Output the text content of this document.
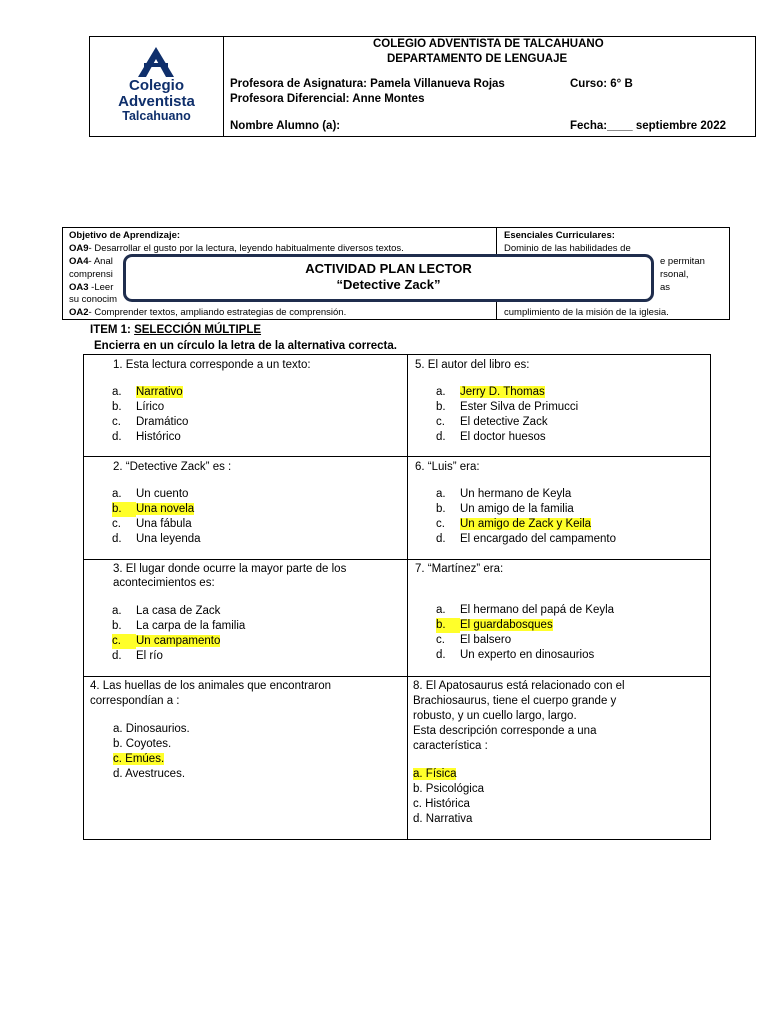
Colegio
Adventista
Talcahuano
COLEGIO ADVENTISTA DE TALCAHUANO
DEPARTAMENTO DE LENGUAJE
Profesora de Asignatura: Pamela Villanueva Rojas	Curso: 6° B
Profesora Diferencial: Anne Montes
Nombre Alumno (a):	Fecha:____ septiembre 2022
Objetivo de Aprendizaje:
OA9- Desarrollar el gusto por la lectura, leyendo habitualmente diversos textos.
OA4- Anal
comprensi
OA3 -Leer
su conocim
OA2- Comprender textos, ampliando estrategias de comprensión.
Esenciales Curriculares:
Dominio de las habilidades de
e permitan
rsonal,
as
cumplimiento de la misión de la iglesia.
ACTIVIDAD PLAN LECTOR
“Detective Zack”
ITEM 1: SELECCIÓN MÚLTIPLE
Encierra en un círculo la letra de la alternativa correcta.
1. Esta lectura corresponde a un texto:
a. Narrativo
b. Lírico
c. Dramático
d. Histórico
5. El autor del libro es:
a. Jerry D. Thomas
b. Ester Silva de Primucci
c. El detective Zack
d. El doctor huesos
2. “Detective Zack” es :
a. Un cuento
b. Una novela
c. Una fábula
d. Una leyenda
6. “Luis” era:
a. Un hermano de Keyla
b. Un amigo de la familia
c. Un amigo de Zack y Keila
d. El encargado del campamento
3. El lugar donde ocurre la mayor parte de los
acontecimientos es:
a. La casa de Zack
b. La carpa de la familia
c. Un campamento
d. El río
7. “Martínez” era:
a. El hermano del papá de Keyla
b. El guardabosques
c. El balsero
d. Un experto en dinosaurios
4. Las huellas de los animales que encontraron
correspondían a :
a. Dinosaurios.
b. Coyotes.
c. Emúes.
d. Avestruces.
8. El Apatosaurus está relacionado con el
Brachiosaurus, tiene el cuerpo grande y
robusto, y un cuello largo, largo.
Esta descripción corresponde a una
característica :
a. Física
b. Psicológica
c. Histórica
d. Narrativa
